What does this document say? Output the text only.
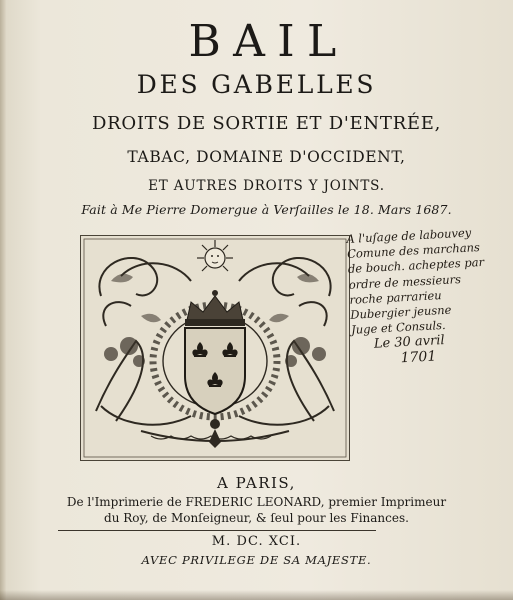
BAIL
DES GABELLES
DROITS DE SORTIE ET D'ENTRÉE,
TABAC, DOMAINE D'OCCIDENT,
ET AUTRES DROITS Y JOINTS.
Fait à Me Pierre Domergue à Verſailles le 18. Mars 1687.
A l'uſage de labouvey
Comune des marchans
de bouch. acheptes par
ordre de messieurs
roche parrarieu
Dubergier jeusne
Juge et Consuls.
Le 30 avril
1701
A PARIS,
De l'Imprimerie de FREDERIC LEONARD, premier Imprimeur
du Roy, de Monſeigneur, & ſeul pour les Finances.
M. DC. XCI.
AVEC PRIVILEGE DE SA MAJESTE.
